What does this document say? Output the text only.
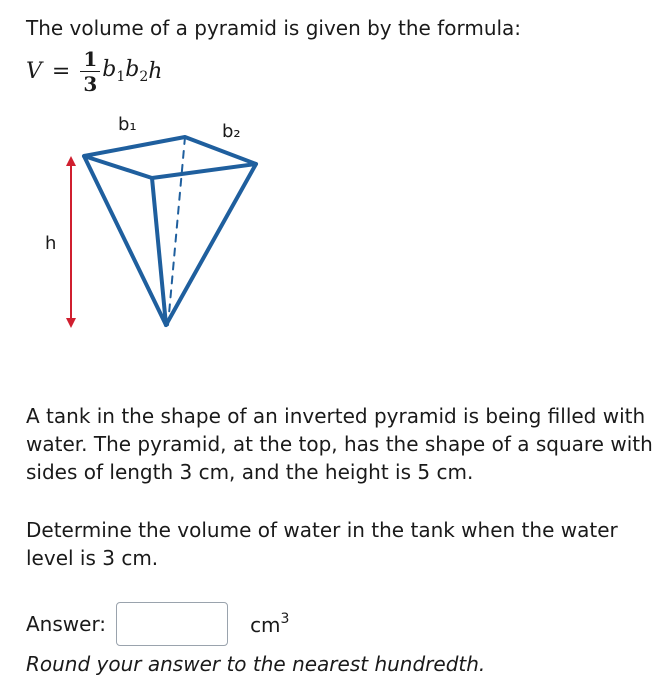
The volume of a pyramid is given by the formula:
$V = \frac{1}{3} b_1$ $b_2$ h
b₁	b₂
h
A tank in the shape of an inverted pyramid is being filled with water. The pyramid, at the top, has the shape of a square with sides of length 3 cm, and the height is 5 cm.
Determine the volume of water in the tank when the water level is 3 cm.
Answer:	$cm^3$
Round your answer to the nearest hundredth.
